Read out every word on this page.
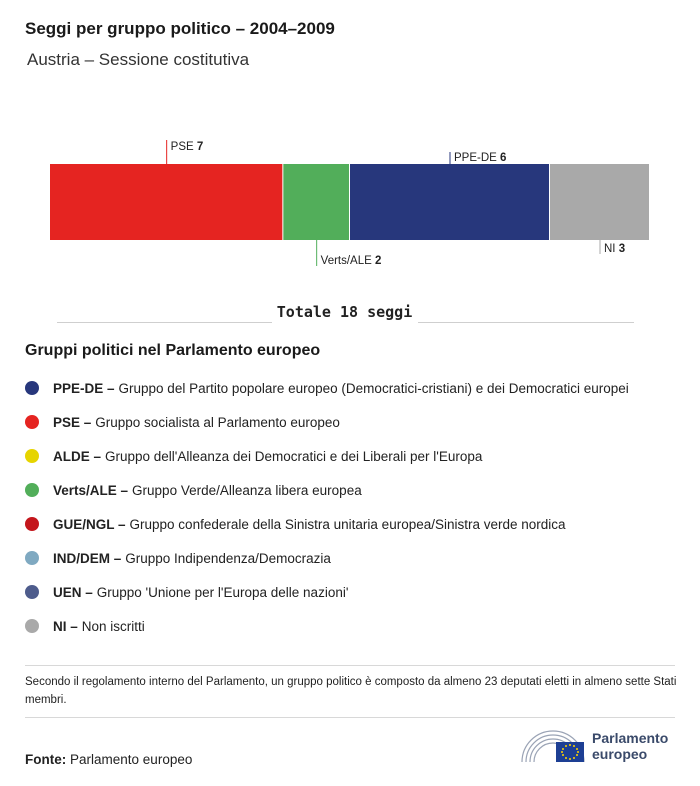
Seggi per gruppo politico – 2004–2009
Austria – Sessione costitutiva
PSE 7
Verts/ALE 2
PPE-DE 6
NI 3
Totale 18 seggi
Gruppi politici nel Parlamento europeo
PPE-DE – Gruppo del Partito popolare europeo (Democratici-cristiani) e dei Democratici europei
PSE – Gruppo socialista al Parlamento europeo
ALDE – Gruppo dell'Alleanza dei Democratici e dei Liberali per l'Europa
Verts/ALE – Gruppo Verde/Alleanza libera europea
GUE/NGL – Gruppo confederale della Sinistra unitaria europea/Sinistra verde nordica
IND/DEM – Gruppo Indipendenza/Democrazia
UEN – Gruppo 'Unione per l'Europa delle nazioni'
NI – Non iscritti
Secondo il regolamento interno del Parlamento, un gruppo politico è composto da almeno 23 deputati eletti in almeno sette Stati membri.
Fonte: Parlamento europeo
Parlamento
europeo
